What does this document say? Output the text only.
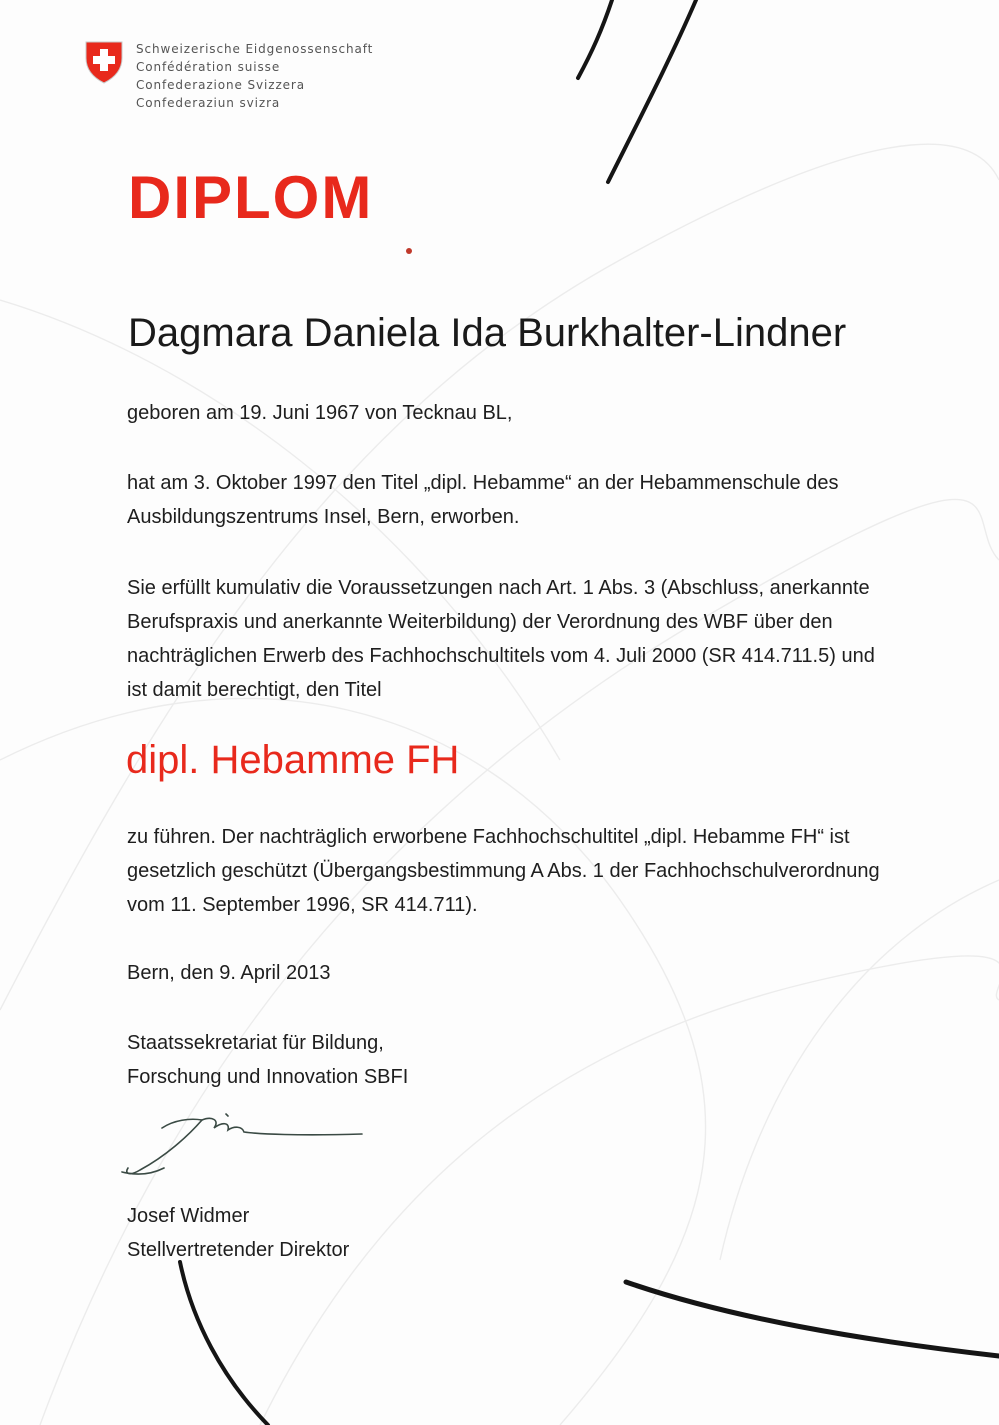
Schweizerische Eidgenossenschaft
Confédération suisse
Confederazione Svizzera
Confederaziun svizra
DIPLOM
Dagmara Daniela Ida Burkhalter-Lindner
geboren am 19. Juni 1967 von Tecknau BL,
hat am 3. Oktober 1997 den Titel „dipl. Hebamme“ an der Hebammenschule des
Ausbildungszentrums Insel, Bern, erworben.
Sie erfüllt kumulativ die Voraussetzungen nach Art. 1 Abs. 3 (Abschluss, anerkannte
Berufspraxis und anerkannte Weiterbildung) der Verordnung des WBF über den
nachträglichen Erwerb des Fachhochschultitels vom 4. Juli 2000 (SR 414.711.5) und
ist damit berechtigt, den Titel
dipl. Hebamme FH
zu führen. Der nachträglich erworbene Fachhochschultitel „dipl. Hebamme FH“ ist
gesetzlich geschützt (Übergangsbestimmung A Abs. 1 der Fachhochschulverordnung
vom 11. September 1996, SR 414.711).
Bern, den 9. April 2013
Staatssekretariat für Bildung,
Forschung und Innovation SBFI
Josef Widmer
Stellvertretender Direktor
